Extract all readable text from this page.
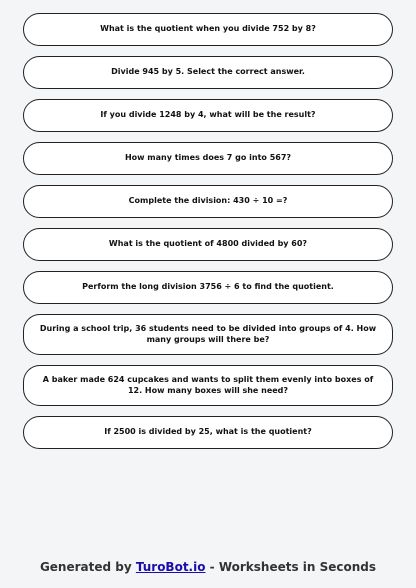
What is the quotient when you divide 752 by 8?
Divide 945 by 5. Select the correct answer.
If you divide 1248 by 4, what will be the result?
How many times does 7 go into 567?
Complete the division: 430 ÷ 10 =?
What is the quotient of 4800 divided by 60?
Perform the long division 3756 ÷ 6 to find the quotient.
During a school trip, 36 students need to be divided into groups of 4. How many groups will there be?
A baker made 624 cupcakes and wants to split them evenly into boxes of 12. How many boxes will she need?
If 2500 is divided by 25, what is the quotient?
Generated by TuroBot.io - Worksheets in Seconds
